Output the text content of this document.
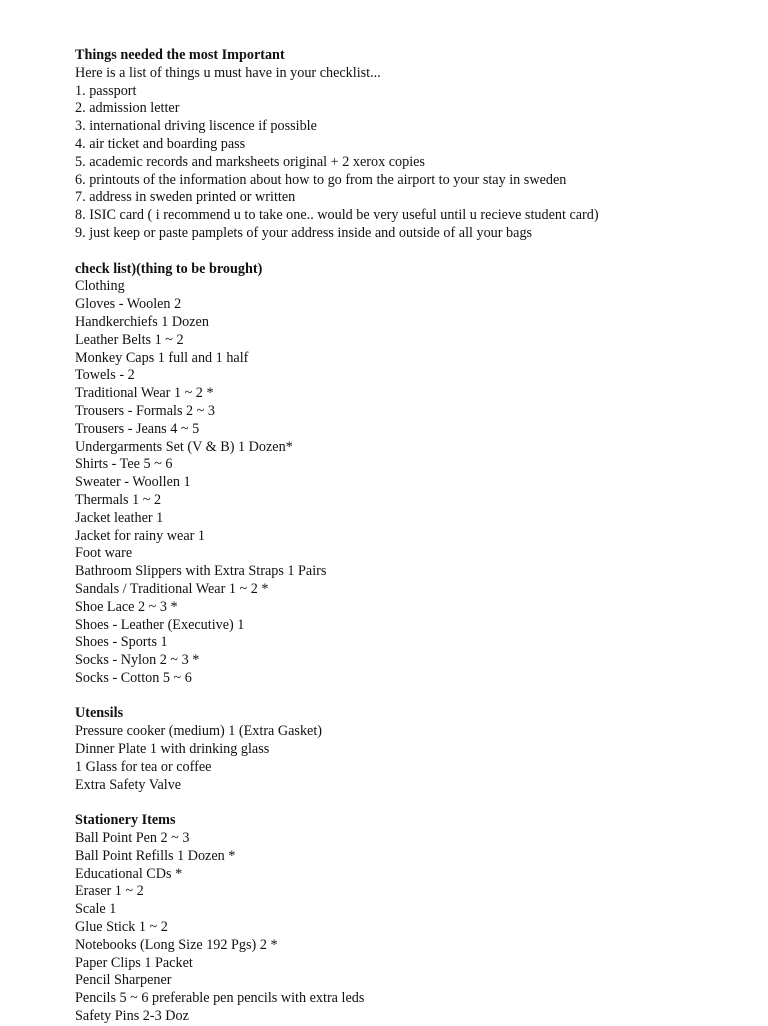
Things needed the most Important
Here is a list of things u must have in your checklist...
1. passport
2. admission letter
3. international driving liscence if possible
4. air ticket and boarding pass
5. academic records and marksheets original + 2 xerox copies
6. printouts of the information about how to go from the airport to your stay in sweden
7. address in sweden printed or written
8. ISIC card ( i recommend u to take one.. would be very useful until u recieve student card)
9. just keep or paste pamplets of your address inside and outside of all your bags
check list)(thing to be brought)
Clothing
Gloves - Woolen 2
Handkerchiefs 1 Dozen
Leather Belts 1 ~ 2
Monkey Caps 1 full and 1 half
Towels - 2
Traditional Wear 1 ~ 2 *
Trousers - Formals 2 ~ 3
Trousers - Jeans 4 ~ 5
Undergarments Set (V & B) 1 Dozen*
Shirts - Tee 5 ~ 6
Sweater - Woollen 1
Thermals 1 ~ 2
Jacket leather 1
Jacket for rainy wear 1
Foot ware
Bathroom Slippers with Extra Straps 1 Pairs
Sandals / Traditional Wear 1 ~ 2 *
Shoe Lace 2 ~ 3 *
Shoes - Leather (Executive) 1
Shoes - Sports 1
Socks - Nylon 2 ~ 3 *
Socks - Cotton 5 ~ 6
Utensils
Pressure cooker (medium) 1 (Extra Gasket)
Dinner Plate 1 with drinking glass
1 Glass for tea or coffee
Extra Safety Valve
Stationery Items
Ball Point Pen 2 ~ 3
Ball Point Refills 1 Dozen *
Educational CDs *
Eraser 1 ~ 2
Scale 1
Glue Stick 1 ~ 2
Notebooks (Long Size 192 Pgs) 2 *
Paper Clips 1 Packet
Pencil Sharpener
Pencils 5 ~ 6 preferable pen pencils with extra leds
Safety Pins 2-3 Doz
